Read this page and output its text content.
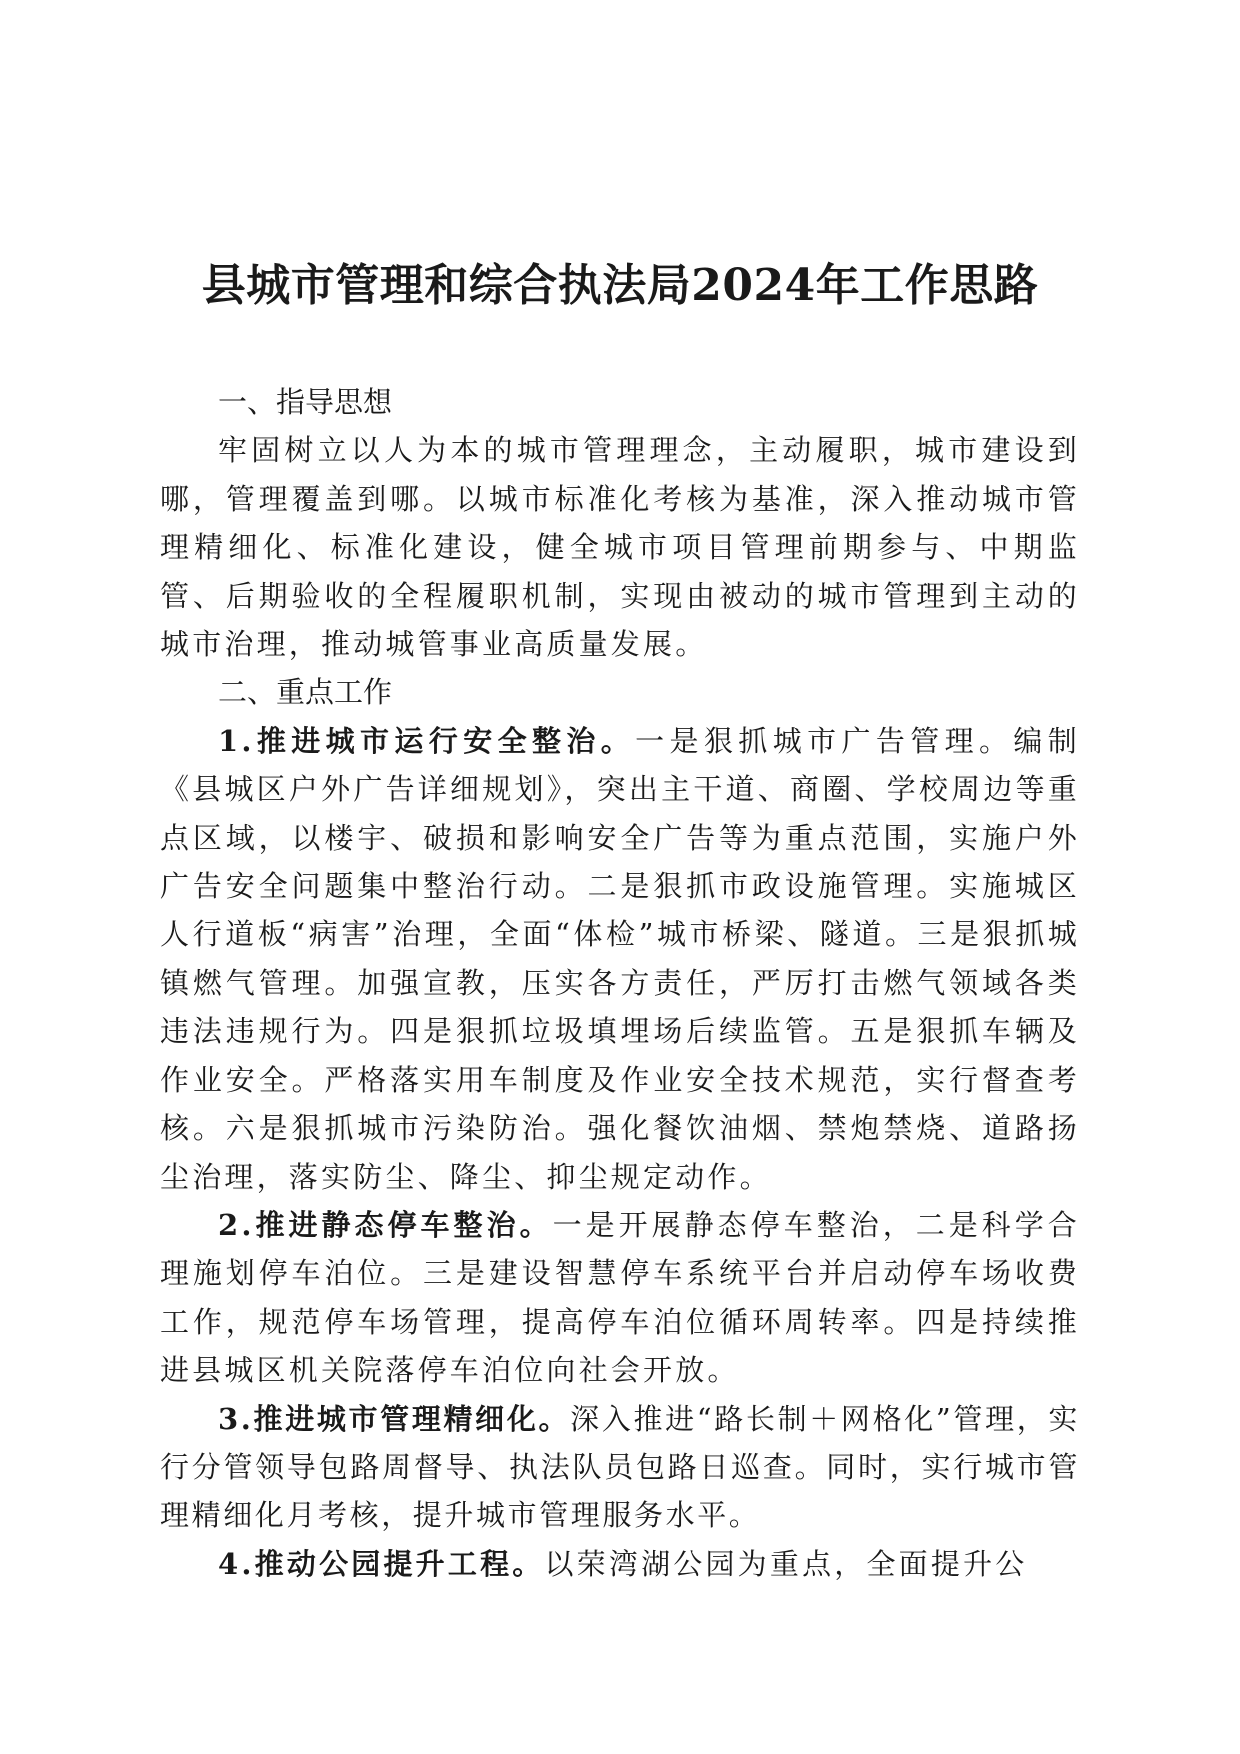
县城市管理和综合执法局2024年工作思路
一、指导思想

牢固树立以人为本的城市管理理念，主动履职，城市建设到哪，管理覆盖到哪。以城市标准化考核为基准，深入推动城市管理精细化、标准化建设，健全城市项目管理前期参与、中期监管、后期验收的全程履职机制，实现由被动的城市管理到主动的城市治理，推动城管事业高质量发展。

二、重点工作

1.推进城市运行安全整治。一是狠抓城市广告管理。编制《县城区户外广告详细规划》，突出主干道、商圈、学校周边等重点区域，以楼宇、破损和影响安全广告等为重点范围，实施户外广告安全问题集中整治行动。二是狠抓市政设施管理。实施城区人行道板“病害”治理，全面“体检”城市桥梁、隧道。三是狠抓城镇燃气管理。加强宣教，压实各方责任，严厉打击燃气领域各类违法违规行为。四是狠抓垃圾填埋场后续监管。五是狠抓车辆及作业安全。严格落实用车制度及作业安全技术规范，实行督查考核。六是狠抓城市污染防治。强化餐饮油烟、禁炮禁烧、道路扬尘治理，落实防尘、降尘、抑尘规定动作。

2.推进静态停车整治。一是开展静态停车整治，二是科学合理施划停车泊位。三是建设智慧停车系统平台并启动停车场收费工作，规范停车场管理，提高停车泊位循环周转率。四是持续推进县城区机关院落停车泊位向社会开放。

3.推进城市管理精细化。深入推进“路长制＋网格化”管理，实行分管领导包路周督导、执法队员包路日巡查。同时，实行城市管理精细化月考核，提升城市管理服务水平。

4.推动公园提升工程。以荣湾湖公园为重点，全面提升公
